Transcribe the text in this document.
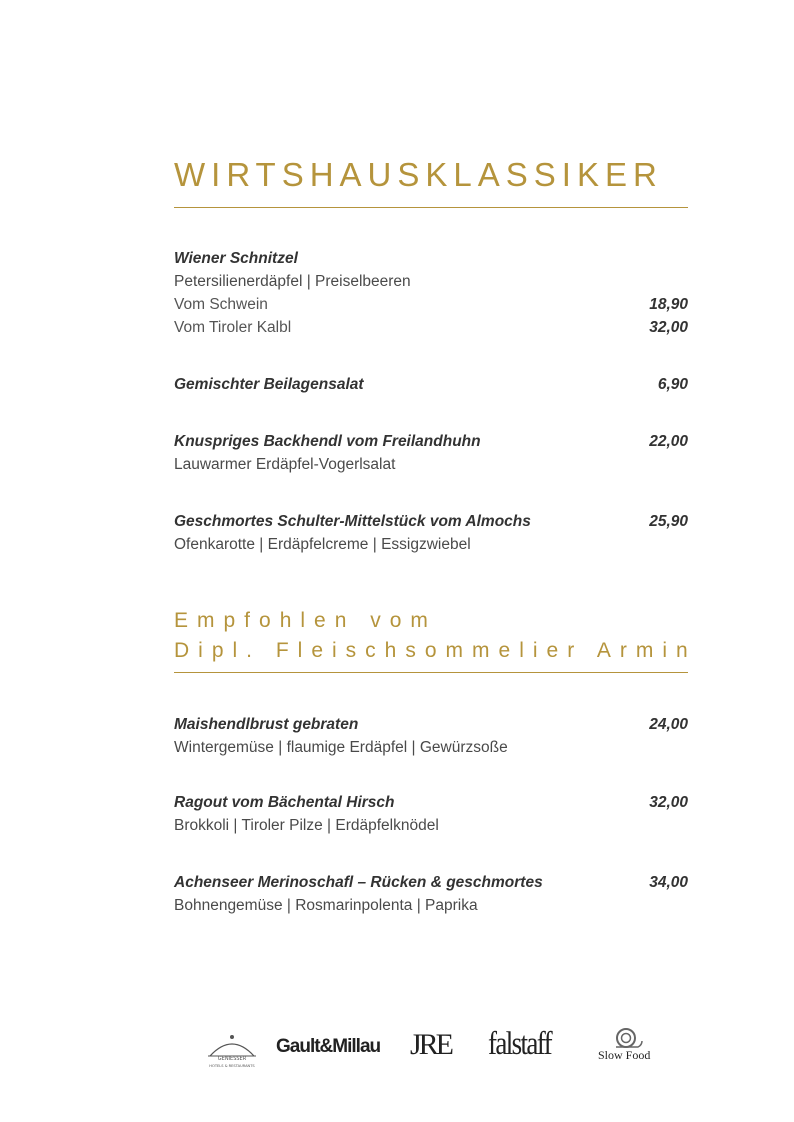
WIRTSHAUSKLASSIKER
Wiener Schnitzel
Petersilienerdäpfel | Preiselbeeren
Vom Schwein	18,90
Vom Tiroler Kalbl	32,00
Gemischter Beilagensalat	6,90
Knuspriges Backhendl vom Freilandhuhn	22,00
Lauwarmer Erdäpfel-Vogerlsalat
Geschmortes Schulter-Mittelstück vom Almochs	25,90
Ofenkarotte | Erdäpfelcreme | Essigzwiebel
Empfohlen vom
Dipl. Fleischsommelier Armin
Maishendlbrust gebraten	24,00
Wintergemüse | flaumige Erdäpfel | Gewürzsoße
Ragout vom Bächental Hirsch	32,00
Brokkoli | Tiroler Pilze | Erdäpfelknödel
Achenseer Merinoschafl – Rücken & geschmortes	34,00
Bohnengemüse | Rosmarinpolenta | Paprika
GENIESSER
HOTELS & RESTAURANTS
Gault&Millau JRE falstaff	Slow Food
